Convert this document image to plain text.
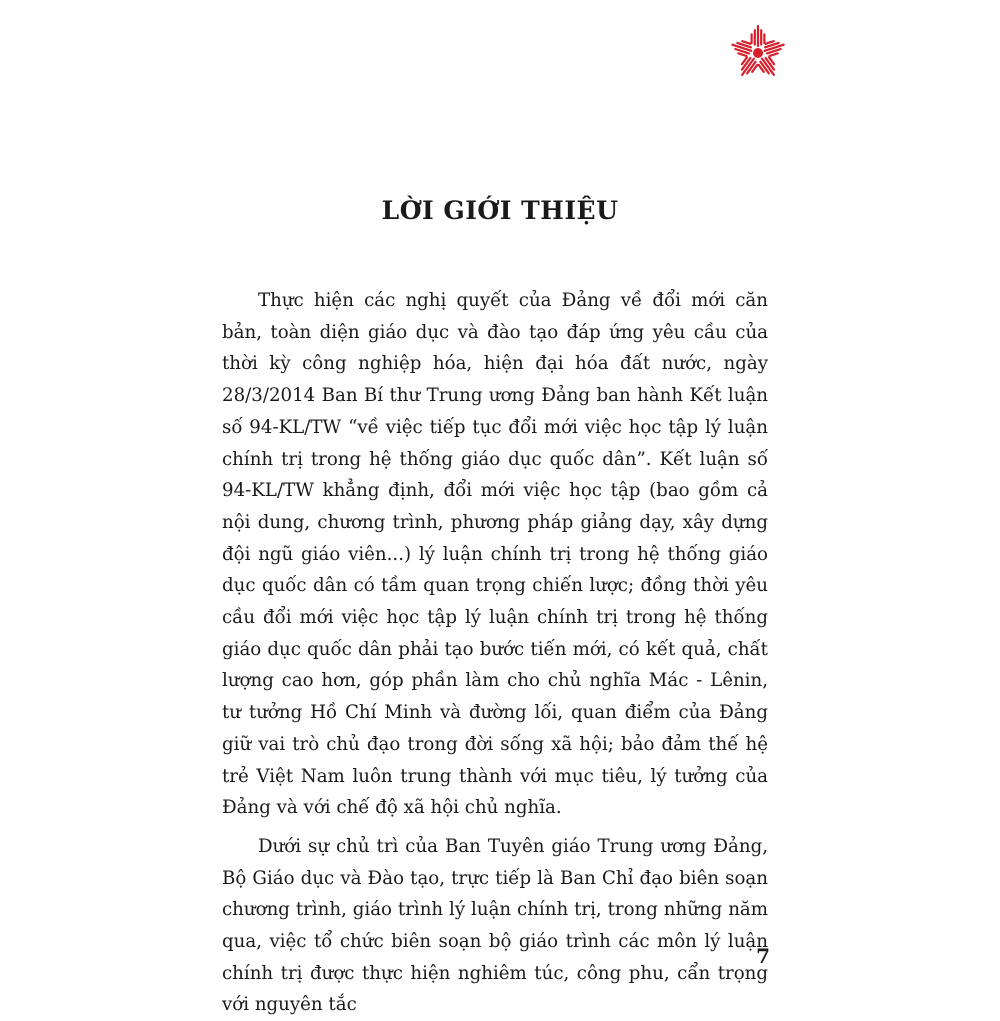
LỜI GIỚI THIỆU

Thực hiện các nghị quyết của Đảng về đổi mới căn bản, toàn diện giáo dục và đào tạo đáp ứng yêu cầu của thời kỳ công nghiệp hóa, hiện đại hóa đất nước, ngày 28/3/2014 Ban Bí thư Trung ương Đảng ban hành Kết luận số 94-KL/TW “về việc tiếp tục đổi mới việc học tập lý luận chính trị trong hệ thống giáo dục quốc dân”. Kết luận số 94-KL/TW khẳng định, đổi mới việc học tập (bao gồm cả nội dung, chương trình, phương pháp giảng dạy, xây dựng đội ngũ giáo viên...) lý luận chính trị trong hệ thống giáo dục quốc dân có tầm quan trọng chiến lược; đồng thời yêu cầu đổi mới việc học tập lý luận chính trị trong hệ thống giáo dục quốc dân phải tạo bước tiến mới, có kết quả, chất lượng cao hơn, góp phần làm cho chủ nghĩa Mác - Lênin, tư tưởng Hồ Chí Minh và đường lối, quan điểm của Đảng giữ vai trò chủ đạo trong đời sống xã hội; bảo đảm thế hệ trẻ Việt Nam luôn trung thành với mục tiêu, lý tưởng của Đảng và với chế độ xã hội chủ nghĩa.

Dưới sự chủ trì của Ban Tuyên giáo Trung ương Đảng, Bộ Giáo dục và Đào tạo, trực tiếp là Ban Chỉ đạo biên soạn chương trình, giáo trình lý luận chính trị, trong những năm qua, việc tổ chức biên soạn bộ giáo trình các môn lý luận chính trị được thực hiện nghiêm túc, công phu, cẩn trọng với nguyên tắc

7
